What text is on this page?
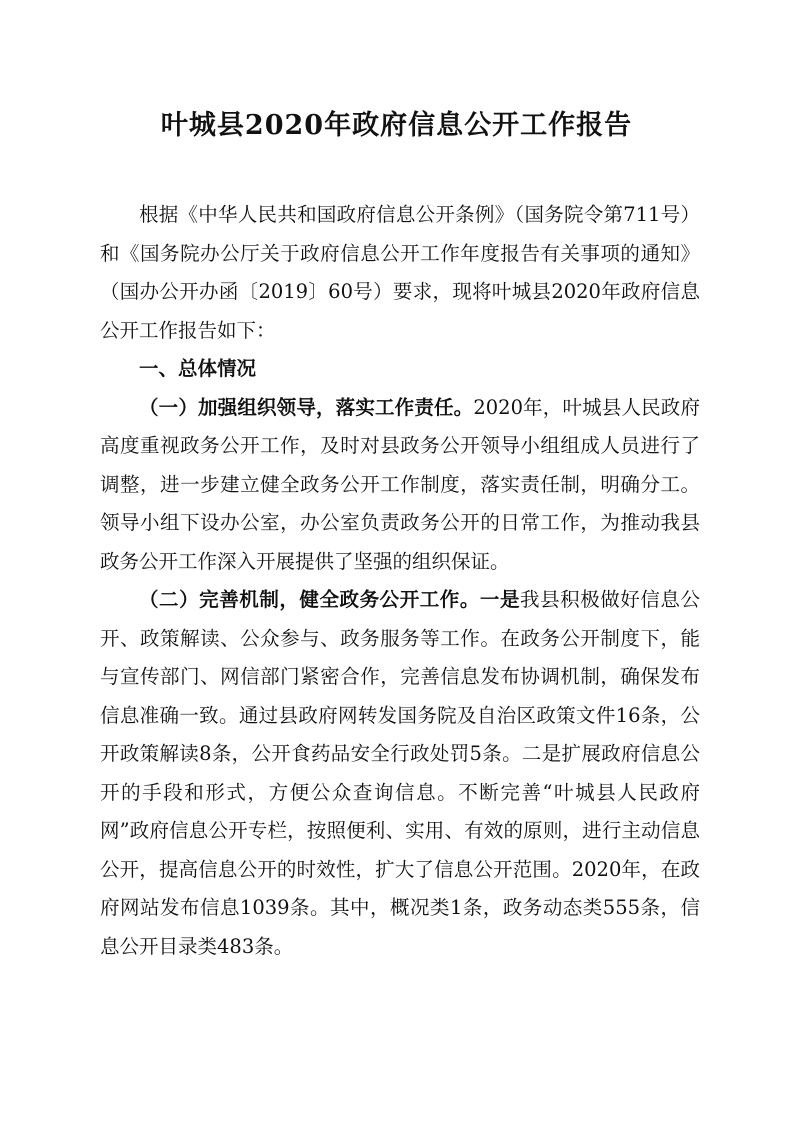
叶城县2020年政府信息公开工作报告

根据《中华人民共和国政府信息公开条例》（国务院令第711号）和《国务院办公厅关于政府信息公开工作年度报告有关事项的通知》（国办公开办函〔2019〕60号）要求，现将叶城县2020年政府信息公开工作报告如下：

一、总体情况

（一）加强组织领导，落实工作责任。2020年，叶城县人民政府高度重视政务公开工作，及时对县政务公开领导小组组成人员进行了调整，进一步建立健全政务公开工作制度，落实责任制，明确分工。领导小组下设办公室，办公室负责政务公开的日常工作，为推动我县政务公开工作深入开展提供了坚强的组织保证。

（二）完善机制，健全政务公开工作。一是我县积极做好信息公开、政策解读、公众参与、政务服务等工作。在政务公开制度下，能与宣传部门、网信部门紧密合作，完善信息发布协调机制，确保发布信息准确一致。通过县政府网转发国务院及自治区政策文件16条，公开政策解读8条，公开食药品安全行政处罚5条。二是扩展政府信息公开的手段和形式，方便公众查询信息。不断完善“叶城县人民政府网”政府信息公开专栏，按照便利、实用、有效的原则，进行主动信息公开，提高信息公开的时效性，扩大了信息公开范围。2020年，在政府网站发布信息1039条。其中，概况类1条，政务动态类555条，信息公开目录类483条。
